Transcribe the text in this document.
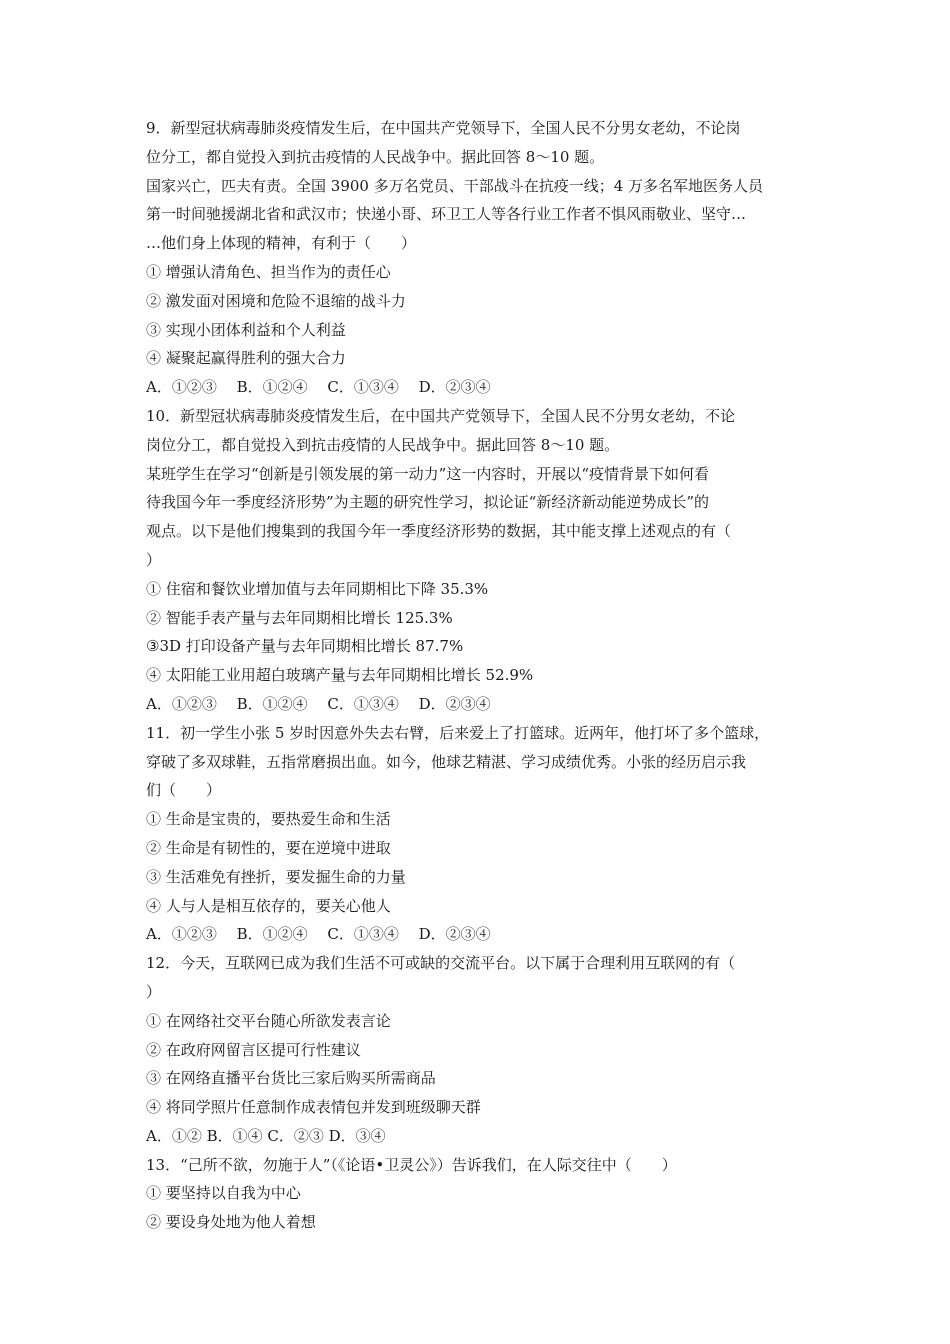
9．新型冠状病毒肺炎疫情发生后，在中国共产党领导下，全国人民不分男女老幼，不论岗
位分工，都自觉投入到抗击疫情的人民战争中。据此回答 8～10 题。
国家兴亡，匹夫有责。全国 3900 多万名党员、干部战斗在抗疫一线；4 万多名军地医务人员
第一时间驰援湖北省和武汉市；快递小哥、环卫工人等各行业工作者不惧风雨敬业、坚守…
…他们身上体现的精神，有利于（　　）
① 增强认清角色、担当作为的责任心
② 激发面对困境和危险不退缩的战斗力
③ 实现小团体利益和个人利益
④ 凝聚起赢得胜利的强大合力
A．①②③　 B．①②④　 C．①③④　 D．②③④
10．新型冠状病毒肺炎疫情发生后，在中国共产党领导下，全国人民不分男女老幼，不论
岗位分工，都自觉投入到抗击疫情的人民战争中。据此回答 8～10 题。
某班学生在学习“创新是引领发展的第一动力”这一内容时，开展以“疫情背景下如何看
待我国今年一季度经济形势”为主题的研究性学习，拟论证“新经济新动能逆势成长”的
观点。以下是他们搜集到的我国今年一季度经济形势的数据，其中能支撑上述观点的有（
）
① 住宿和餐饮业增加值与去年同期相比下降 35.3%
② 智能手表产量与去年同期相比增长 125.3%
③3D 打印设备产量与去年同期相比增长 87.7%
④ 太阳能工业用超白玻璃产量与去年同期相比增长 52.9%
A．①②③　 B．①②④　 C．①③④　 D．②③④
11．初一学生小张 5 岁时因意外失去右臂，后来爱上了打篮球。近两年，他打坏了多个篮球，
穿破了多双球鞋，五指常磨损出血。如今，他球艺精湛、学习成绩优秀。小张的经历启示我
们（　　）
① 生命是宝贵的，要热爱生命和生活
② 生命是有韧性的，要在逆境中进取
③ 生活难免有挫折，要发掘生命的力量
④ 人与人是相互依存的，要关心他人
A．①②③　 B．①②④　 C．①③④　 D．②③④
12．今天，互联网已成为我们生活不可或缺的交流平台。以下属于合理利用互联网的有（
）
① 在网络社交平台随心所欲发表言论
② 在政府网留言区提可行性建议
③ 在网络直播平台货比三家后购买所需商品
④ 将同学照片任意制作成表情包并发到班级聊天群
A．①② B．①④ C．②③ D．③④
13．“己所不欲，勿施于人”（《论语•卫灵公》）告诉我们，在人际交往中（　　）
① 要坚持以自我为中心
② 要设身处地为他人着想
